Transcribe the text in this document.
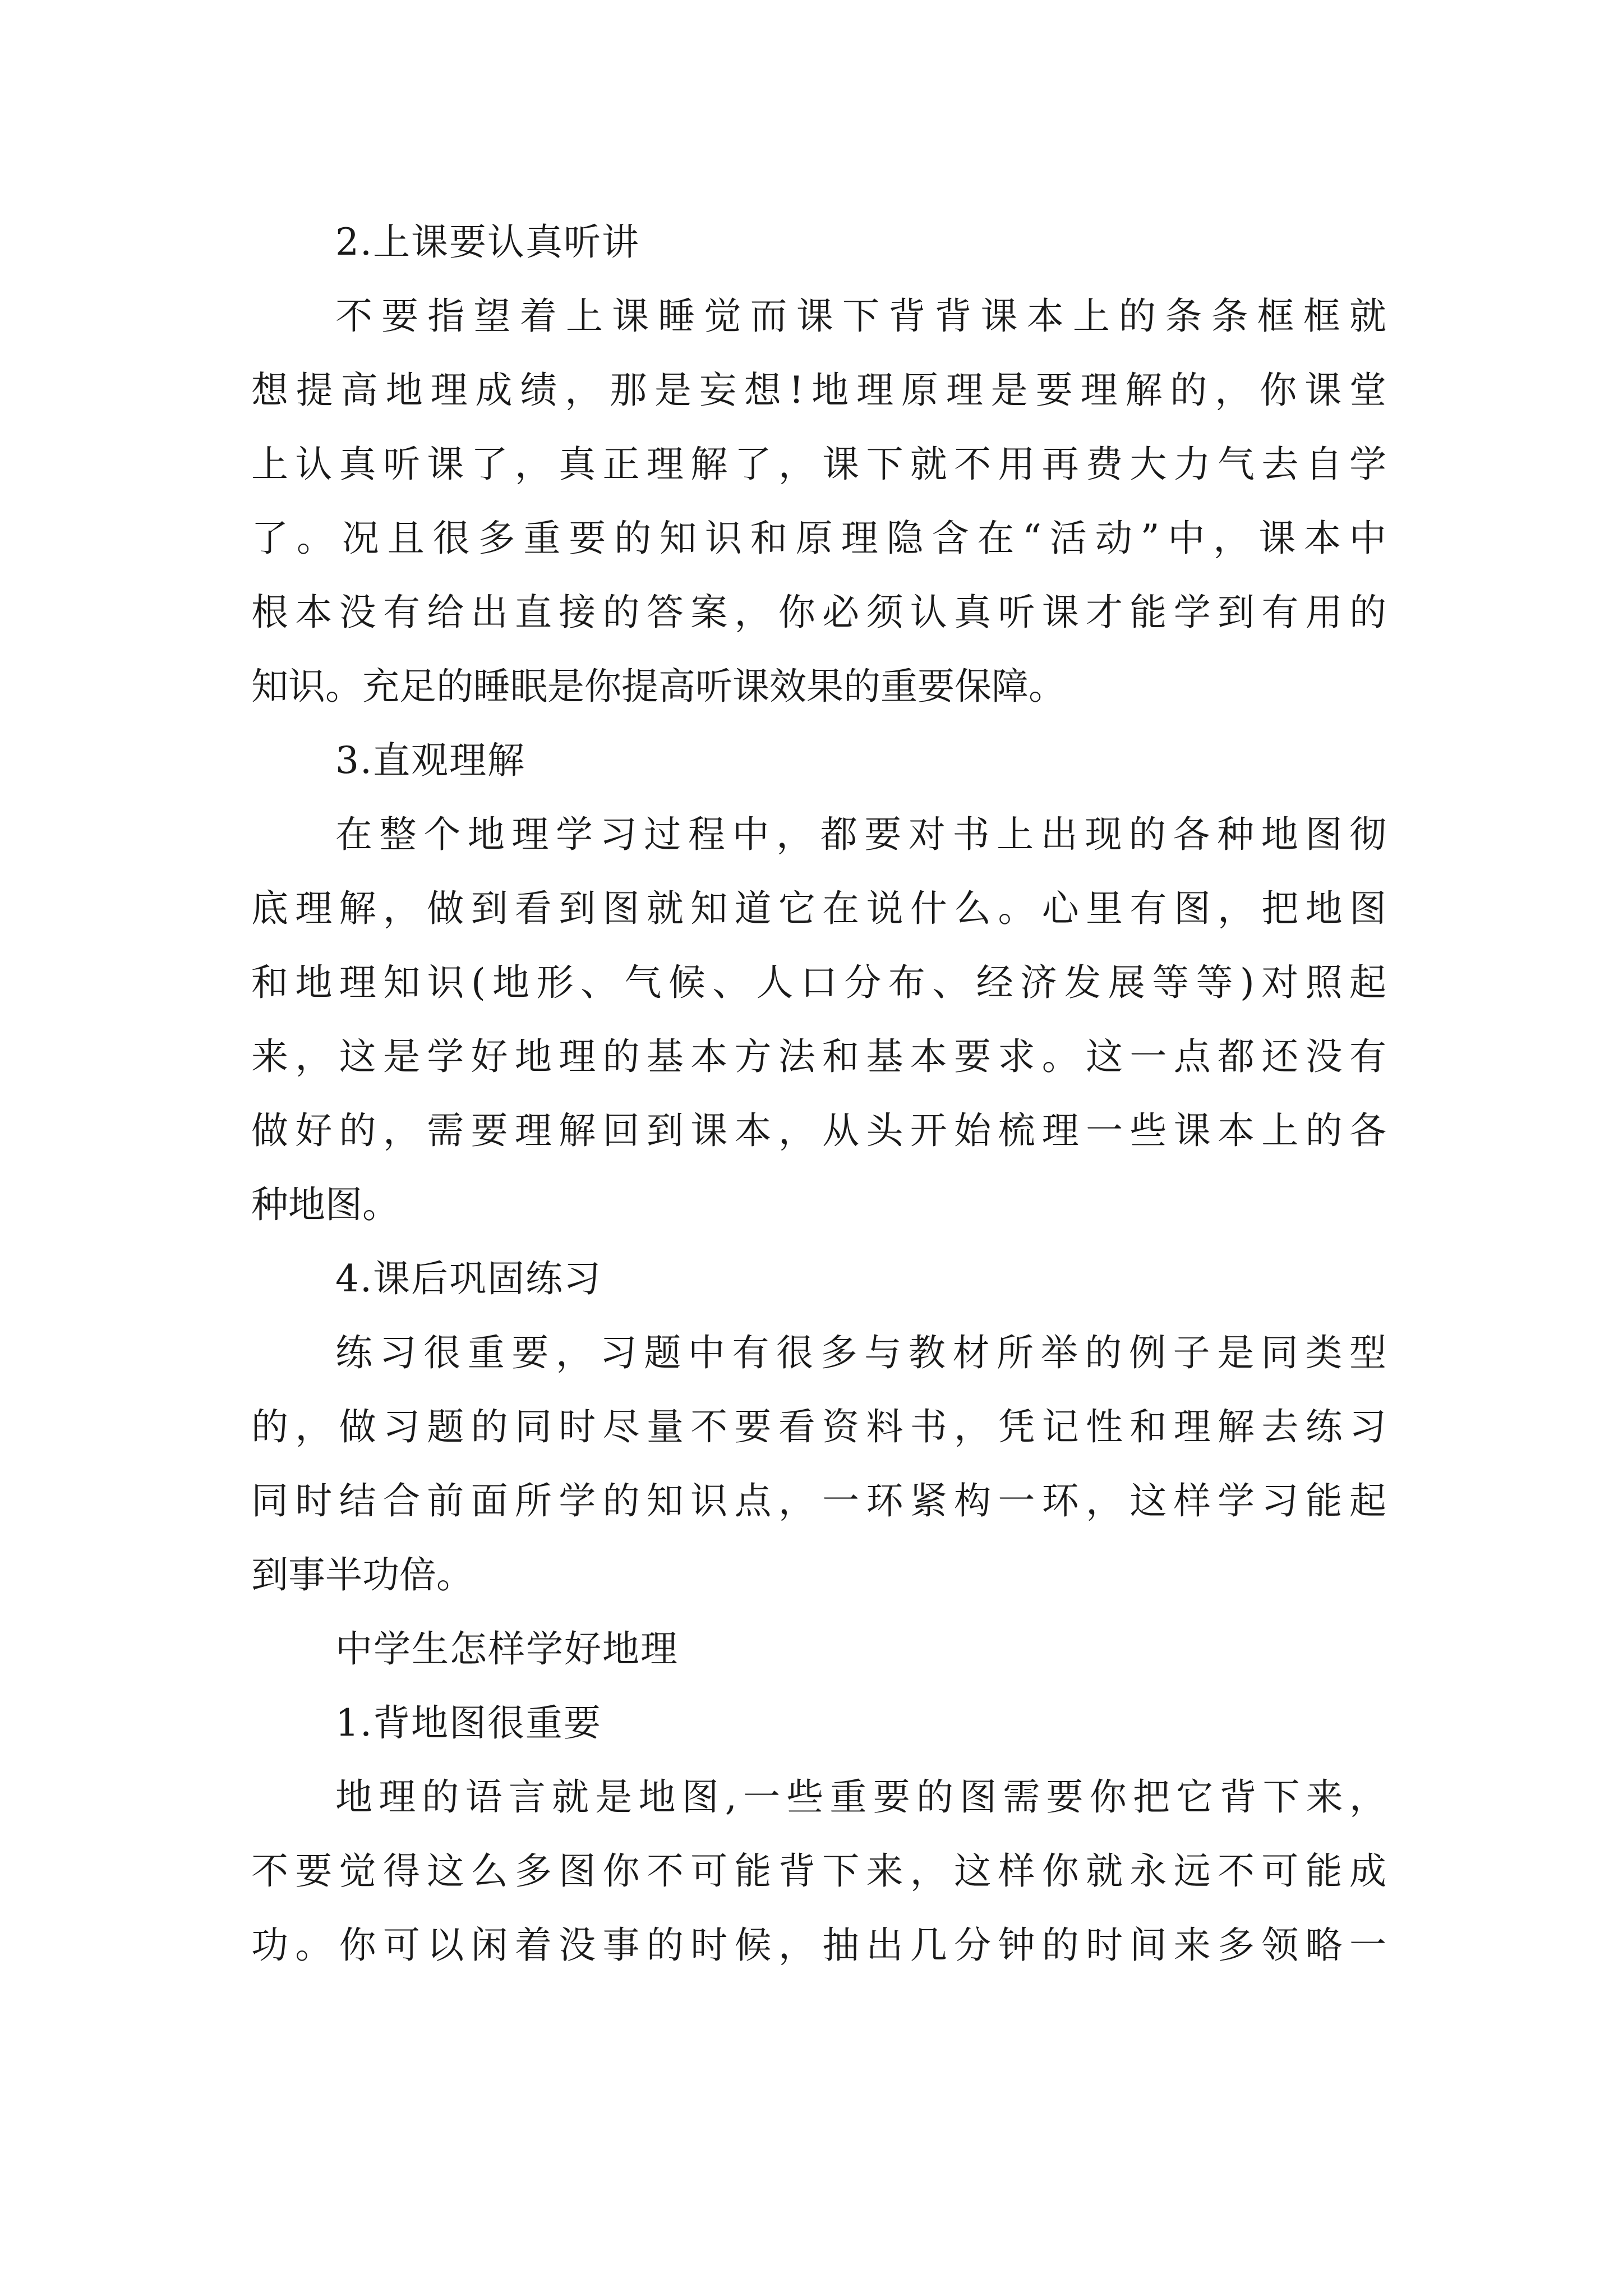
2.上课要认真听讲
不要指望着上课睡觉而课下背背课本上的条条框框就
想提高地理成绩，那是妄想!地理原理是要理解的，你课堂
上认真听课了，真正理解了，课下就不用再费大力气去自学
了。况且很多重要的知识和原理隐含在“活动”中，课本中
根本没有给出直接的答案，你必须认真听课才能学到有用的
知识。充足的睡眠是你提高听课效果的重要保障。
3.直观理解
在整个地理学习过程中，都要对书上出现的各种地图彻
底理解，做到看到图就知道它在说什么。心里有图，把地图
和地理知识(地形、气候、人口分布、经济发展等等)对照起
来，这是学好地理的基本方法和基本要求。这一点都还没有
做好的，需要理解回到课本，从头开始梳理一些课本上的各
种地图。
4.课后巩固练习
练习很重要，习题中有很多与教材所举的例子是同类型
的，做习题的同时尽量不要看资料书，凭记性和理解去练习
同时结合前面所学的知识点，一环紧构一环，这样学习能起
到事半功倍。
中学生怎样学好地理
1.背地图很重要
地理的语言就是地图,一些重要的图需要你把它背下来，
不要觉得这么多图你不可能背下来，这样你就永远不可能成
功。你可以闲着没事的时候，抽出几分钟的时间来多领略一
